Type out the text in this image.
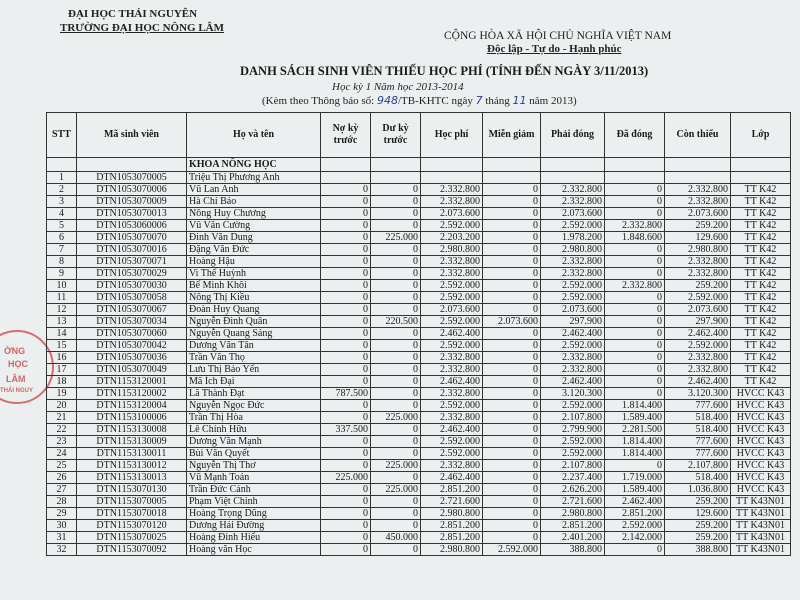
ĐẠI HỌC THÁI NGUYÊN
TRƯỜNG ĐẠI HỌC NÔNG LÂM
CỘNG HÒA XÃ HỘI CHỦ NGHĨA VIỆT NAM
Độc lập - Tự do - Hạnh phúc
DANH SÁCH SINH VIÊN THIẾU HỌC PHÍ (TÍNH ĐẾN NGÀY 3/11/2013)
Học kỳ 1 Năm học 2013-2014
(Kèm theo Thông báo số: 948/TB-KHTC ngày 7 tháng 11 năm 2013)
ỜNG
HỌC
LÂM
THÁI NGUY
STT	Mã sinh viên	Họ và tên	Nợ kỳ trước	Dư kỳ trước	Học phí	Miễn giảm	Phải đóng	Đã đóng	Còn thiếu	Lớp
		KHOA NÔNG HỌC								
1	DTN1053070005	Triệu Thị Phương Anh								
2	DTN1053070006	Vũ Lan Anh	0	0	2.332.800	0	2.332.800	0	2.332.800	TT K42
3	DTN1053070009	Hà Chí Bảo	0	0	2.332.800	0	2.332.800	0	2.332.800	TT K42
4	DTN1053070013	Nông Huy Chương	0	0	2.073.600	0	2.073.600	0	2.073.600	TT K42
5	DTN1053060006	Vũ Văn Cường	0	0	2.592.000	0	2.592.000	2.332.800	259.200	TT K42
6	DTN1053070070	Đinh Văn Dung	0	225.000	2.203.200	0	1.978.200	1.848.600	129.600	TT K42
7	DTN1053070016	Đặng Văn Đức	0	0	2.980.800	0	2.980.800	0	2.980.800	TT K42
8	DTN1053070071	Hoàng Hậu	0	0	2.332.800	0	2.332.800	0	2.332.800	TT K42
9	DTN1053070029	Vi Thế Huỳnh	0	0	2.332.800	0	2.332.800	0	2.332.800	TT K42
10	DTN1053070030	Bế Minh Khôi	0	0	2.592.000	0	2.592.000	2.332.800	259.200	TT K42
11	DTN1053070058	Nông Thị Kiều	0	0	2.592.000	0	2.592.000	0	2.592.000	TT K42
12	DTN1053070067	Đoàn Huy Quang	0	0	2.073.600	0	2.073.600	0	2.073.600	TT K42
13	DTN1053070034	Nguyễn Đình Quân	0	220.500	2.592.000	2.073.600	297.900	0	297.900	TT K42
14	DTN1053070060	Nguyễn Quang Sáng	0	0	2.462.400	0	2.462.400	0	2.462.400	TT K42
15	DTN1053070042	Dương Văn Tân	0	0	2.592.000	0	2.592.000	0	2.592.000	TT K42
16	DTN1053070036	Trần Văn Thọ	0	0	2.332.800	0	2.332.800	0	2.332.800	TT K42
17	DTN1053070049	Lưu Thị Bảo Yến	0	0	2.332.800	0	2.332.800	0	2.332.800	TT K42
18	DTN1153120001	Mã Ích Đại	0	0	2.462.400	0	2.462.400	0	2.462.400	TT K42
19	DTN1153120002	Lã Thành Đạt	787.500	0	2.332.800	0	3.120.300	0	3.120.300	HVCC K43
20	DTN1153120004	Nguyễn Ngọc Đức	0	0	2.592.000	0	2.592.000	1.814.400	777.600	HVCC K43
21	DTN1153100006	Trần Thị Hòa	0	225.000	2.332.800	0	2.107.800	1.589.400	518.400	HVCC K43
22	DTN1153130008	Lê Chính Hữu	337.500	0	2.462.400	0	2.799.900	2.281.500	518.400	HVCC K43
23	DTN1153130009	Dương Văn Mạnh	0	0	2.592.000	0	2.592.000	1.814.400	777.600	HVCC K43
24	DTN1153130011	Bùi Văn Quyết	0	0	2.592.000	0	2.592.000	1.814.400	777.600	HVCC K43
25	DTN1153130012	Nguyễn Thị Thơ	0	225.000	2.332.800	0	2.107.800	0	2.107.800	HVCC K43
26	DTN1153130013	Vũ Mạnh Toản	225.000	0	2.462.400	0	2.237.400	1.719.000	518.400	HVCC K43
27	DTN1153070130	Trần Đức Cảnh	0	225.000	2.851.200	0	2.626.200	1.589.400	1.036.800	HVCC K43
28	DTN1153070005	Phạm Việt Chinh	0	0	2.721.600	0	2.721.600	2.462.400	259.200	TT K43N01
29	DTN1153070018	Hoàng Trọng Dũng	0	0	2.980.800	0	2.980.800	2.851.200	129.600	TT K43N01
30	DTN1153070120	Dương Hải Đường	0	0	2.851.200	0	2.851.200	2.592.000	259.200	TT K43N01
31	DTN1153070025	Hoàng Đình Hiếu	0	450.000	2.851.200	0	2.401.200	2.142.000	259.200	TT K43N01
32	DTN1153070092	Hoàng văn Học	0	0	2.980.800	2.592.000	388.800	0	388.800	TT K43N01
